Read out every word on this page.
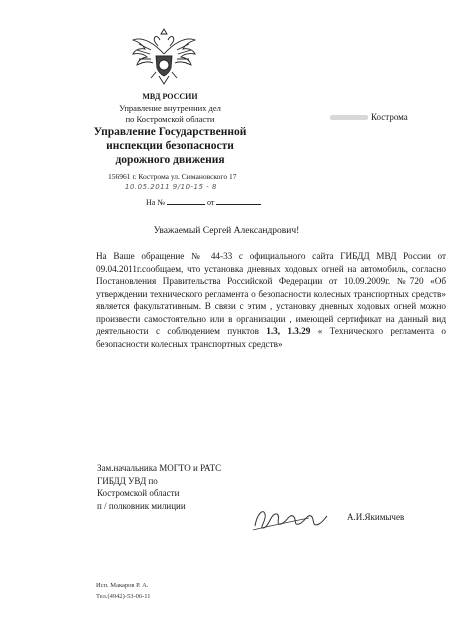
МВД РОССИИ
Управление внутренних дел
по Костромской области
Управление Государственной
инспекции безопасности
дорожного движения
156961 г. Кострома ул. Симановского 17
10.05.2011 9/10-15 - 8
На №	от
Кострома
Уважаемый Сергей Александрович!

На Ваше обращение № 44-33 с официального сайта ГИБДД МВД России от 09.04.2011г.сообщаем, что установка дневных ходовых огней на автомобиль, согласно Постановления Правительства Российской Федерации от 10.09.2009г. №720 «Об утверждении технического регламента о безопасности колесных транспортных средств» является факультативным. В связи с этим , установку дневных ходовых огней можно произвести самостоятельно или в организации , имеющей сертификат на данный вид деятельности с соблюдением пунктов 1.3, 1.3.29 « Технического регламента о безопасности колесных транспортных средств»

Зам.начальника МОГТО и РАТС
ГИБДД УВД по
Костромской области
п / полковник милиции
А.И.Якимычев
Исп. Макаров Р. А.
Тел.(4942)-53-06-11
